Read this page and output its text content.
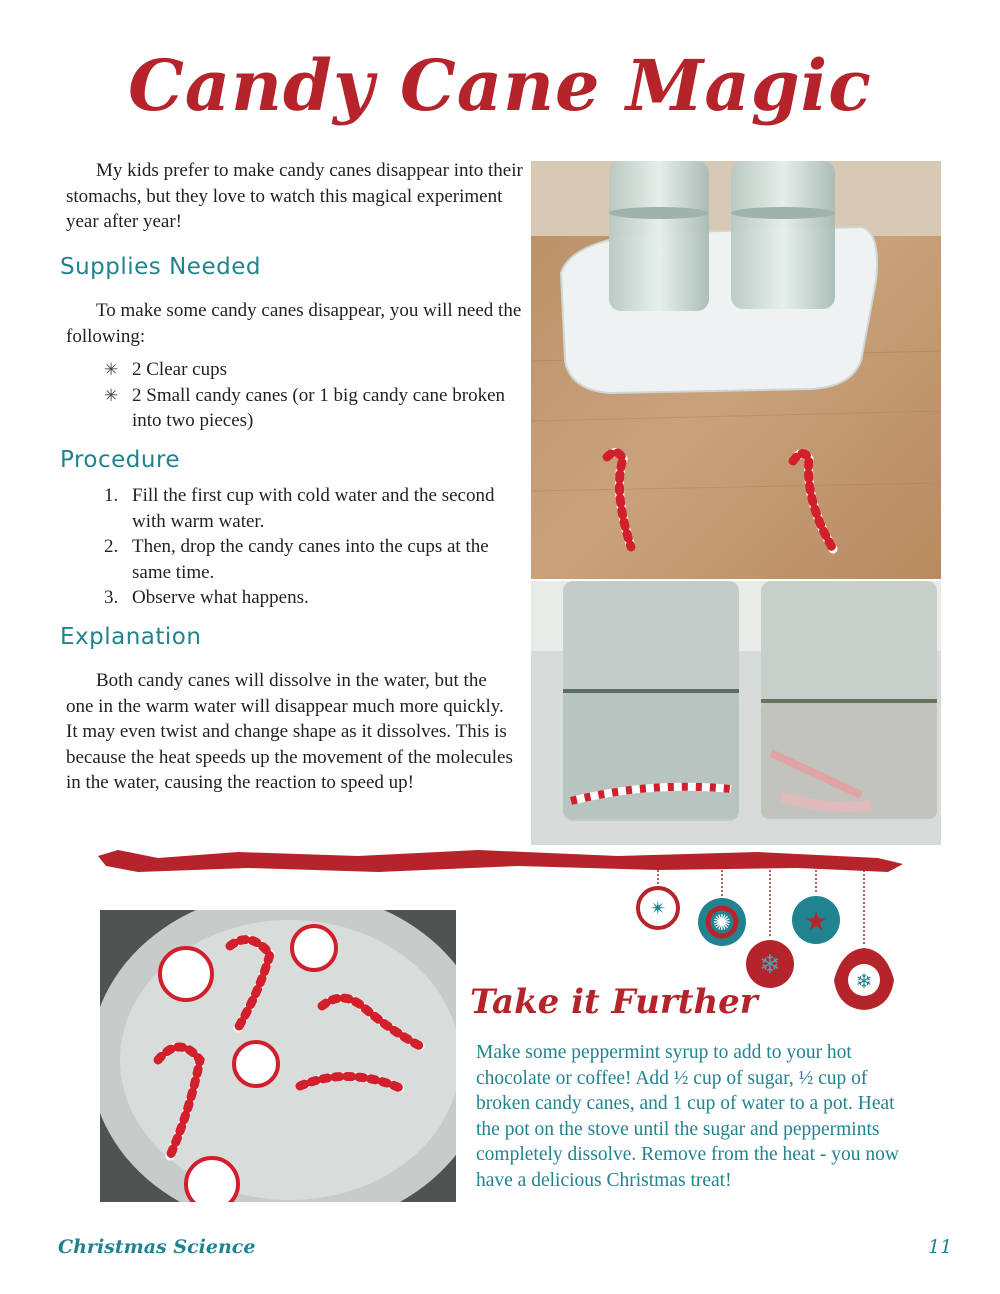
Candy Cane Magic

My kids prefer to make candy canes disappear into their stomachs, but they love to watch this magical experiment year after year!

Supplies Needed

To make some candy canes disappear, you will need the following:

✳ 2 Clear cups
✳ 2 Small candy canes (or 1 big candy cane broken into two pieces)
Procedure
1. Fill the first cup with cold water and the second with warm water.
2. Then, drop the candy canes into the cups at the same time.
3. Observe what happens.
Explanation

Both candy canes will dissolve in the water, but the one in the warm water will disappear much more quickly. It may even twist and change shape as it dissolves. This is because the heat speeds up the movement of the molecules in the water, causing the reaction to speed up!

✴
✺
❄
★
❄
Take it Further

Make some peppermint syrup to add to your hot chocolate or coffee! Add ½ cup of sugar, ½ cup of broken candy canes, and 1 cup of water to a pot. Heat the pot on the stove until the sugar and peppermints completely dissolve. Remove from the heat - you now have a delicious Christmas treat!

Christmas Science	11
